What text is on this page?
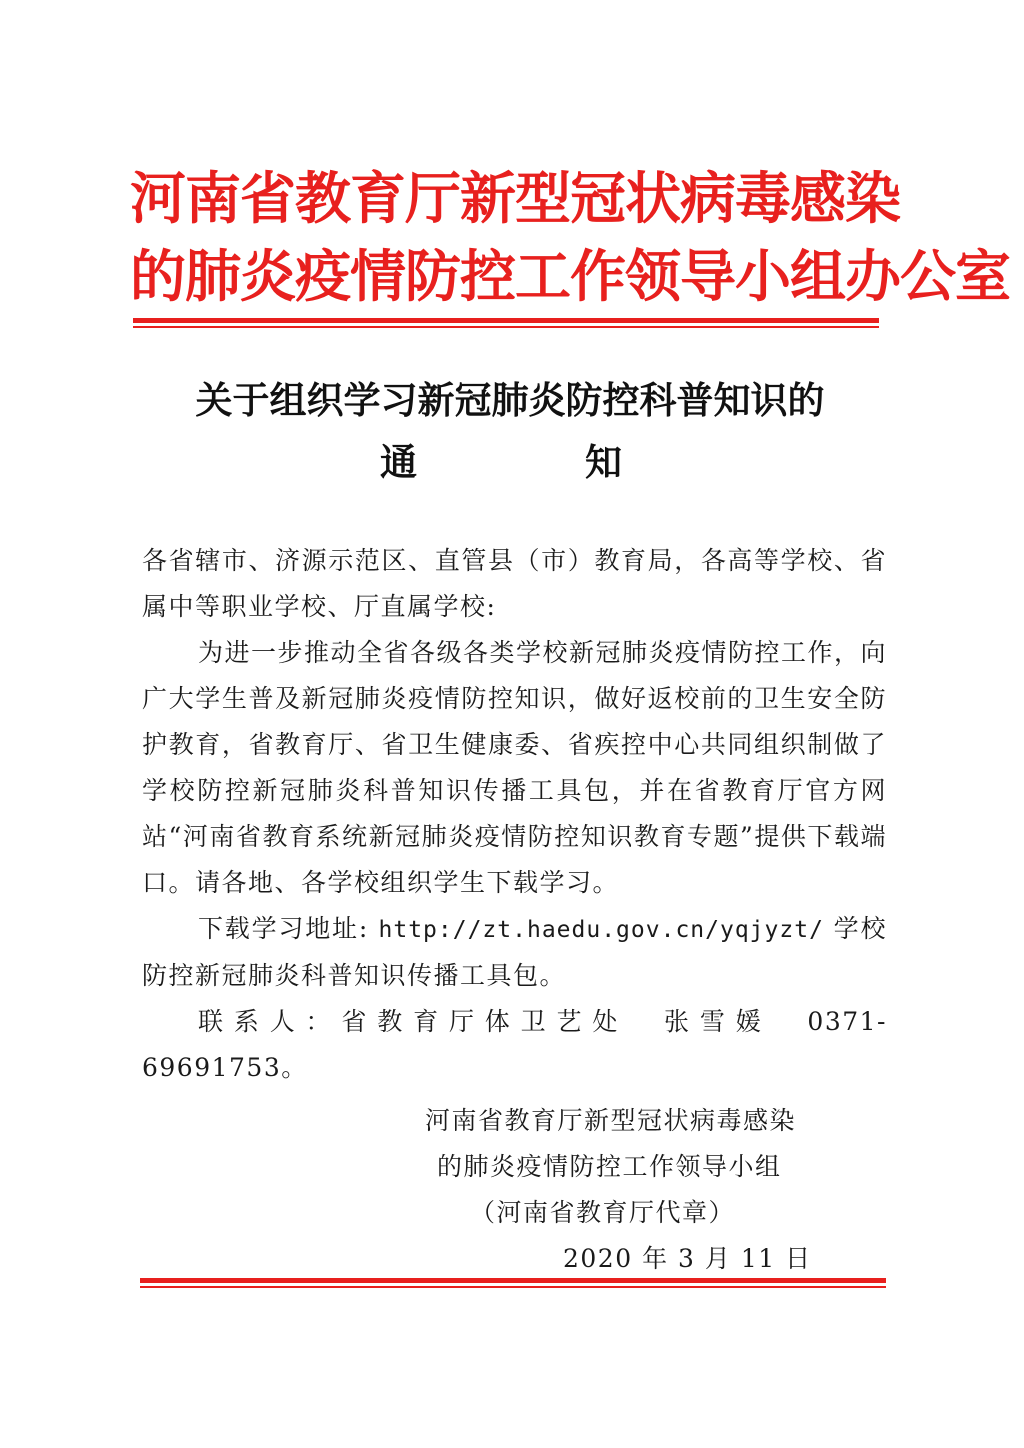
河南省教育厅新型冠状病毒感染
的肺炎疫情防控工作领导小组办公室
关于组织学习新冠肺炎防控科普知识的
通	知

各省辖市、济源示范区、直管县（市）教育局，各高等学校、省属中等职业学校、厅直属学校:

为进一步推动全省各级各类学校新冠肺炎疫情防控工作，向广大学生普及新冠肺炎疫情防控知识，做好返校前的卫生安全防护教育，省教育厅、省卫生健康委、省疾控中心共同组织制做了学校防控新冠肺炎科普知识传播工具包，并在省教育厅官方网站“河南省教育系统新冠肺炎疫情防控知识教育专题”提供下载端口。请各地、各学校组织学生下载学习。

下载学习地址: http://zt.haedu.gov.cn/yqjyzt/ 学校防控新冠肺炎科普知识传播工具包。

联系人：省教育厅体卫艺处　张雪媛　0371-69691753。

河南省教育厅新型冠状病毒感染
的肺炎疫情防控工作领导小组
（河南省教育厅代章）
2020 年 3 月 11 日
